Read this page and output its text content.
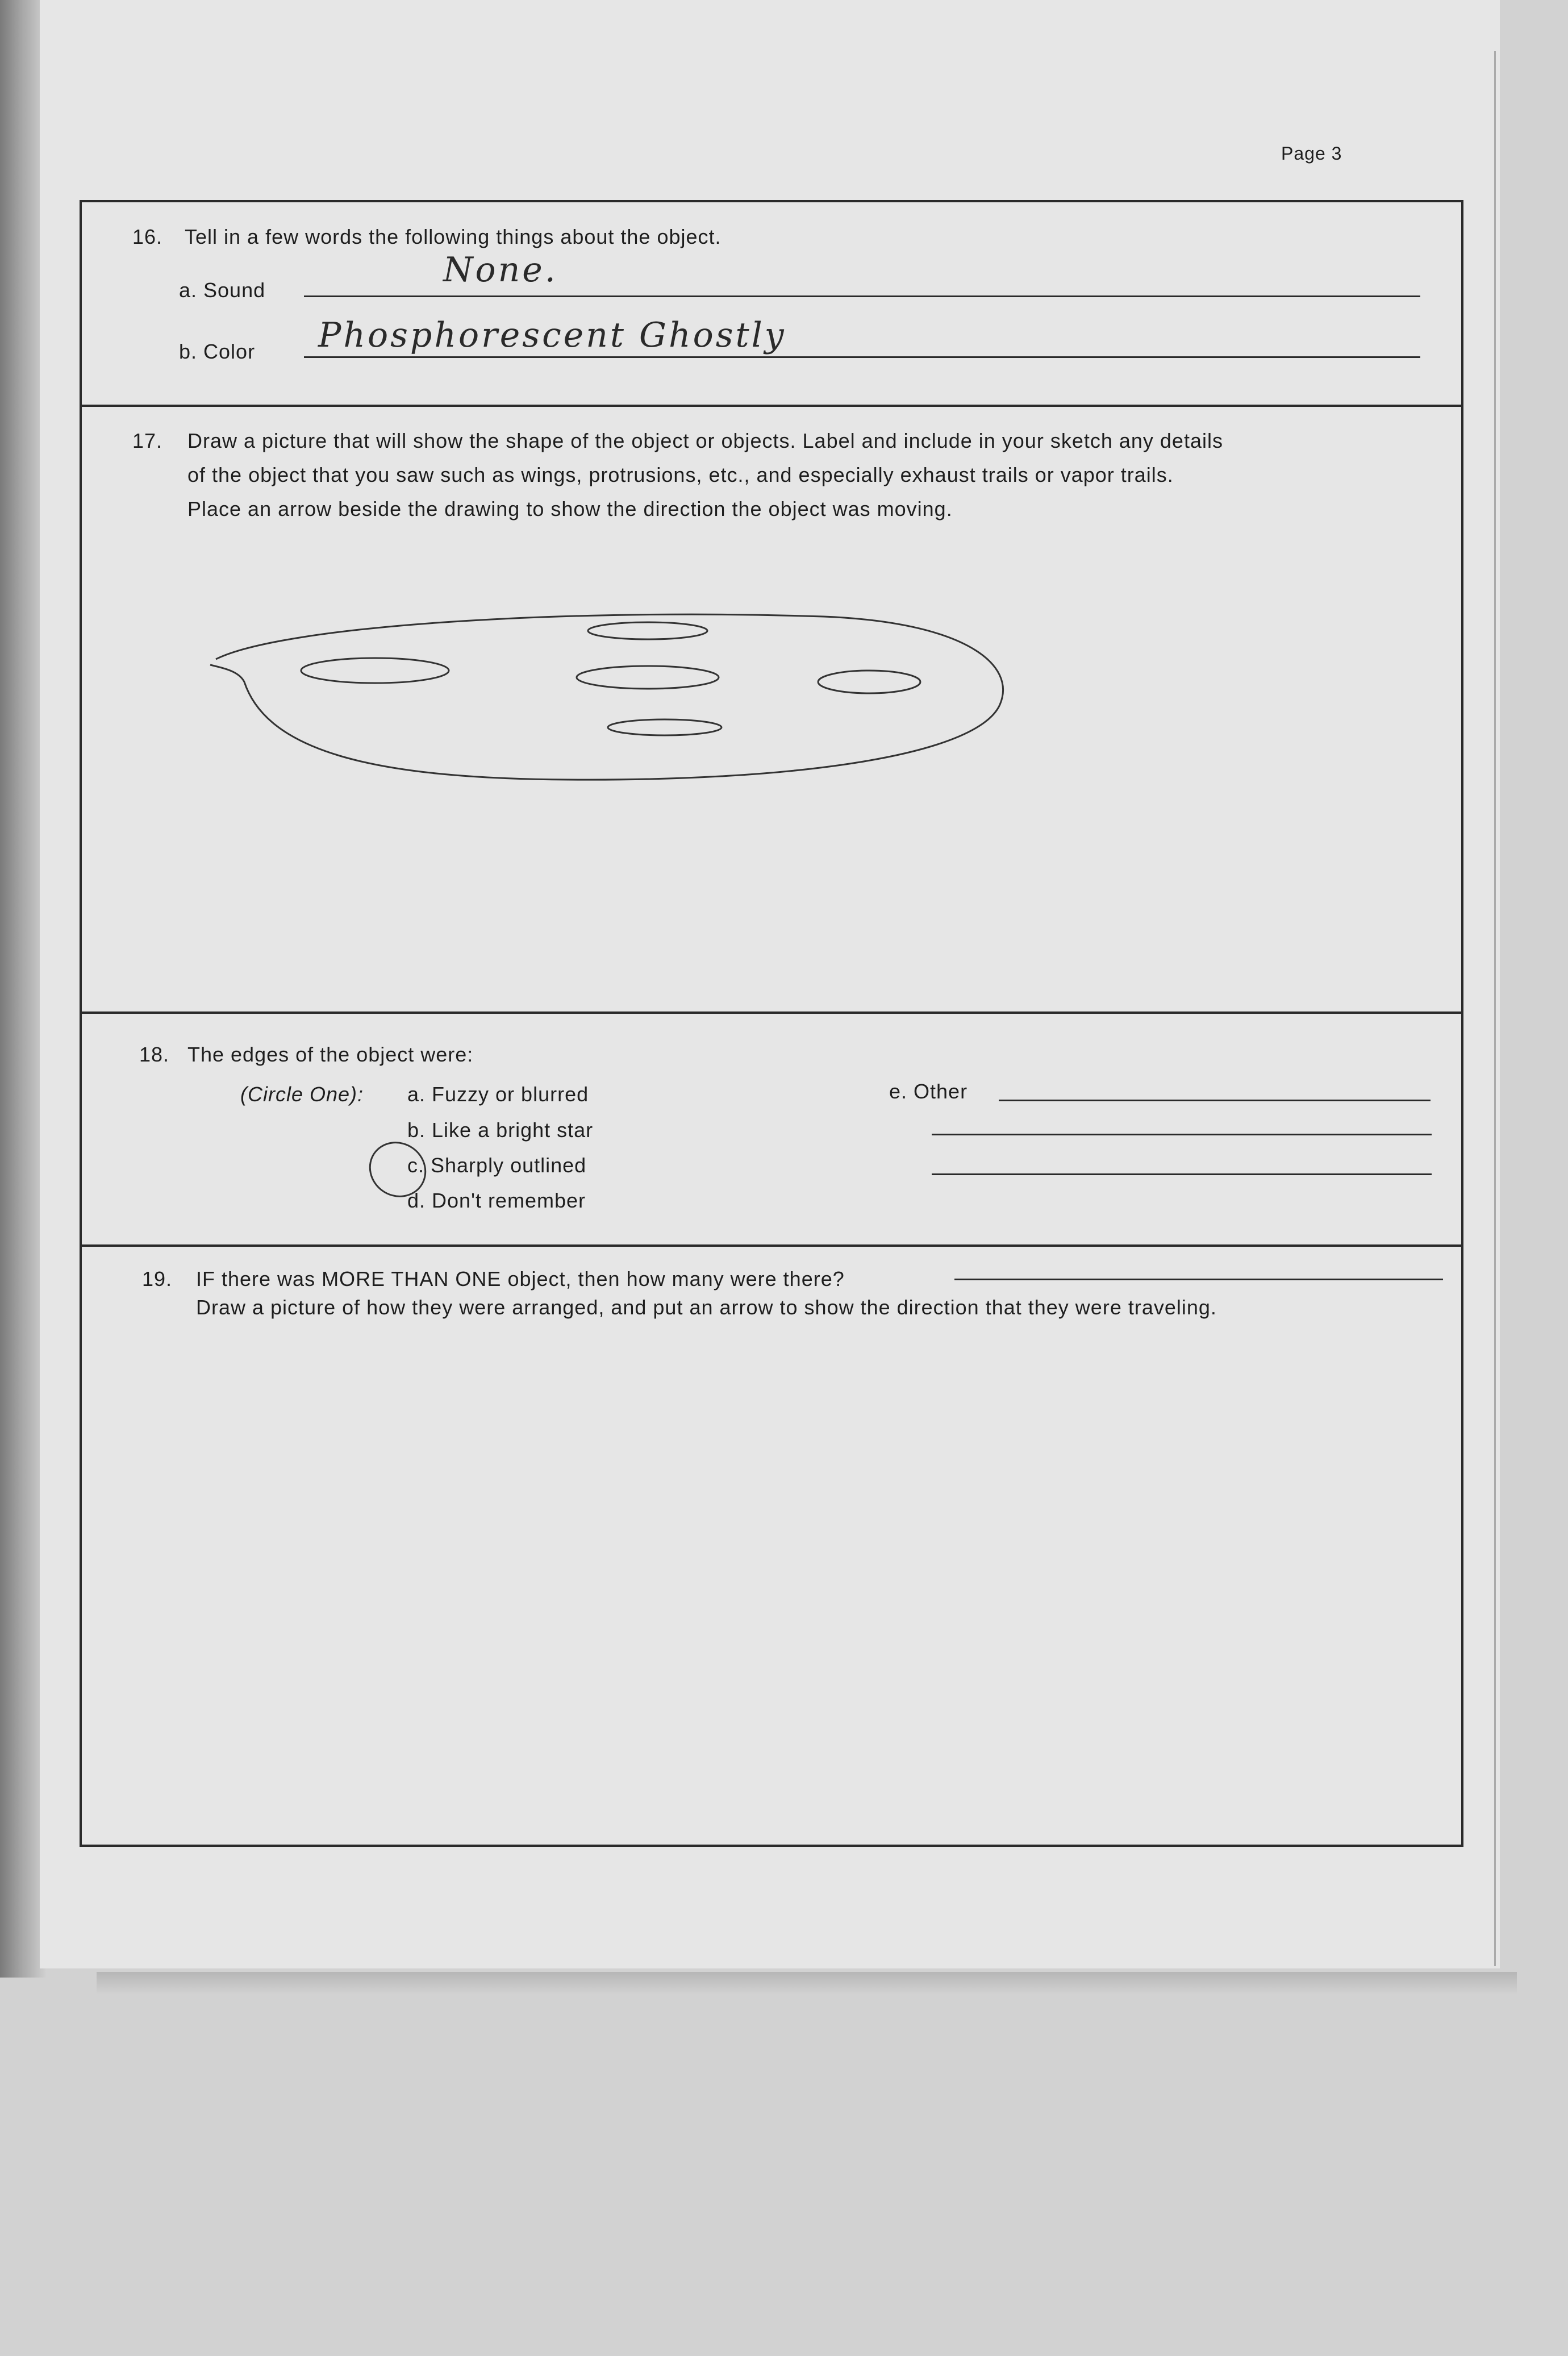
Page 3
16. Tell in a few words the following things about the object.
a. Sound
None.
b. Color Phosphorescent Ghostly
17. Draw a picture that will show the shape of the object or objects. Label and include in your sketch any details
of the object that you saw such as wings, protrusions, etc., and especially exhaust trails or vapor trails.
Place an arrow beside the drawing to show the direction the object was moving.
18. The edges of the object were:
(Circle One): a. Fuzzy or blurred
b. Like a bright star
c. Sharply outlined
d. Don't remember
e. Other
19. IF there was MORE THAN ONE object, then how many were there?
Draw a picture of how they were arranged, and put an arrow to show the direction that they were traveling.
